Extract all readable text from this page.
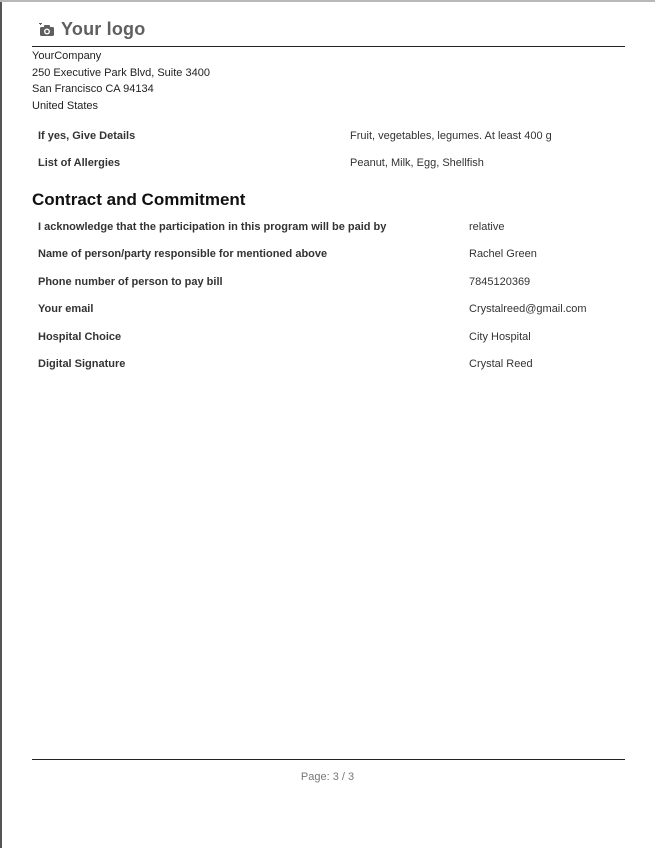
Your logo
YourCompany
250 Executive Park Blvd, Suite 3400
San Francisco CA 94134
United States
If yes, Give Details	Fruit, vegetables, legumes. At least 400 g
List of Allergies	Peanut, Milk, Egg, Shellfish
Contract and Commitment
I acknowledge that the participation in this program will be paid by	relative
Name of person/party responsible for mentioned above	Rachel Green
Phone number of person to pay bill	7845120369
Your email	Crystalreed@gmail.com
Hospital Choice	City Hospital
Digital Signature	Crystal Reed
Page: 3 / 3
